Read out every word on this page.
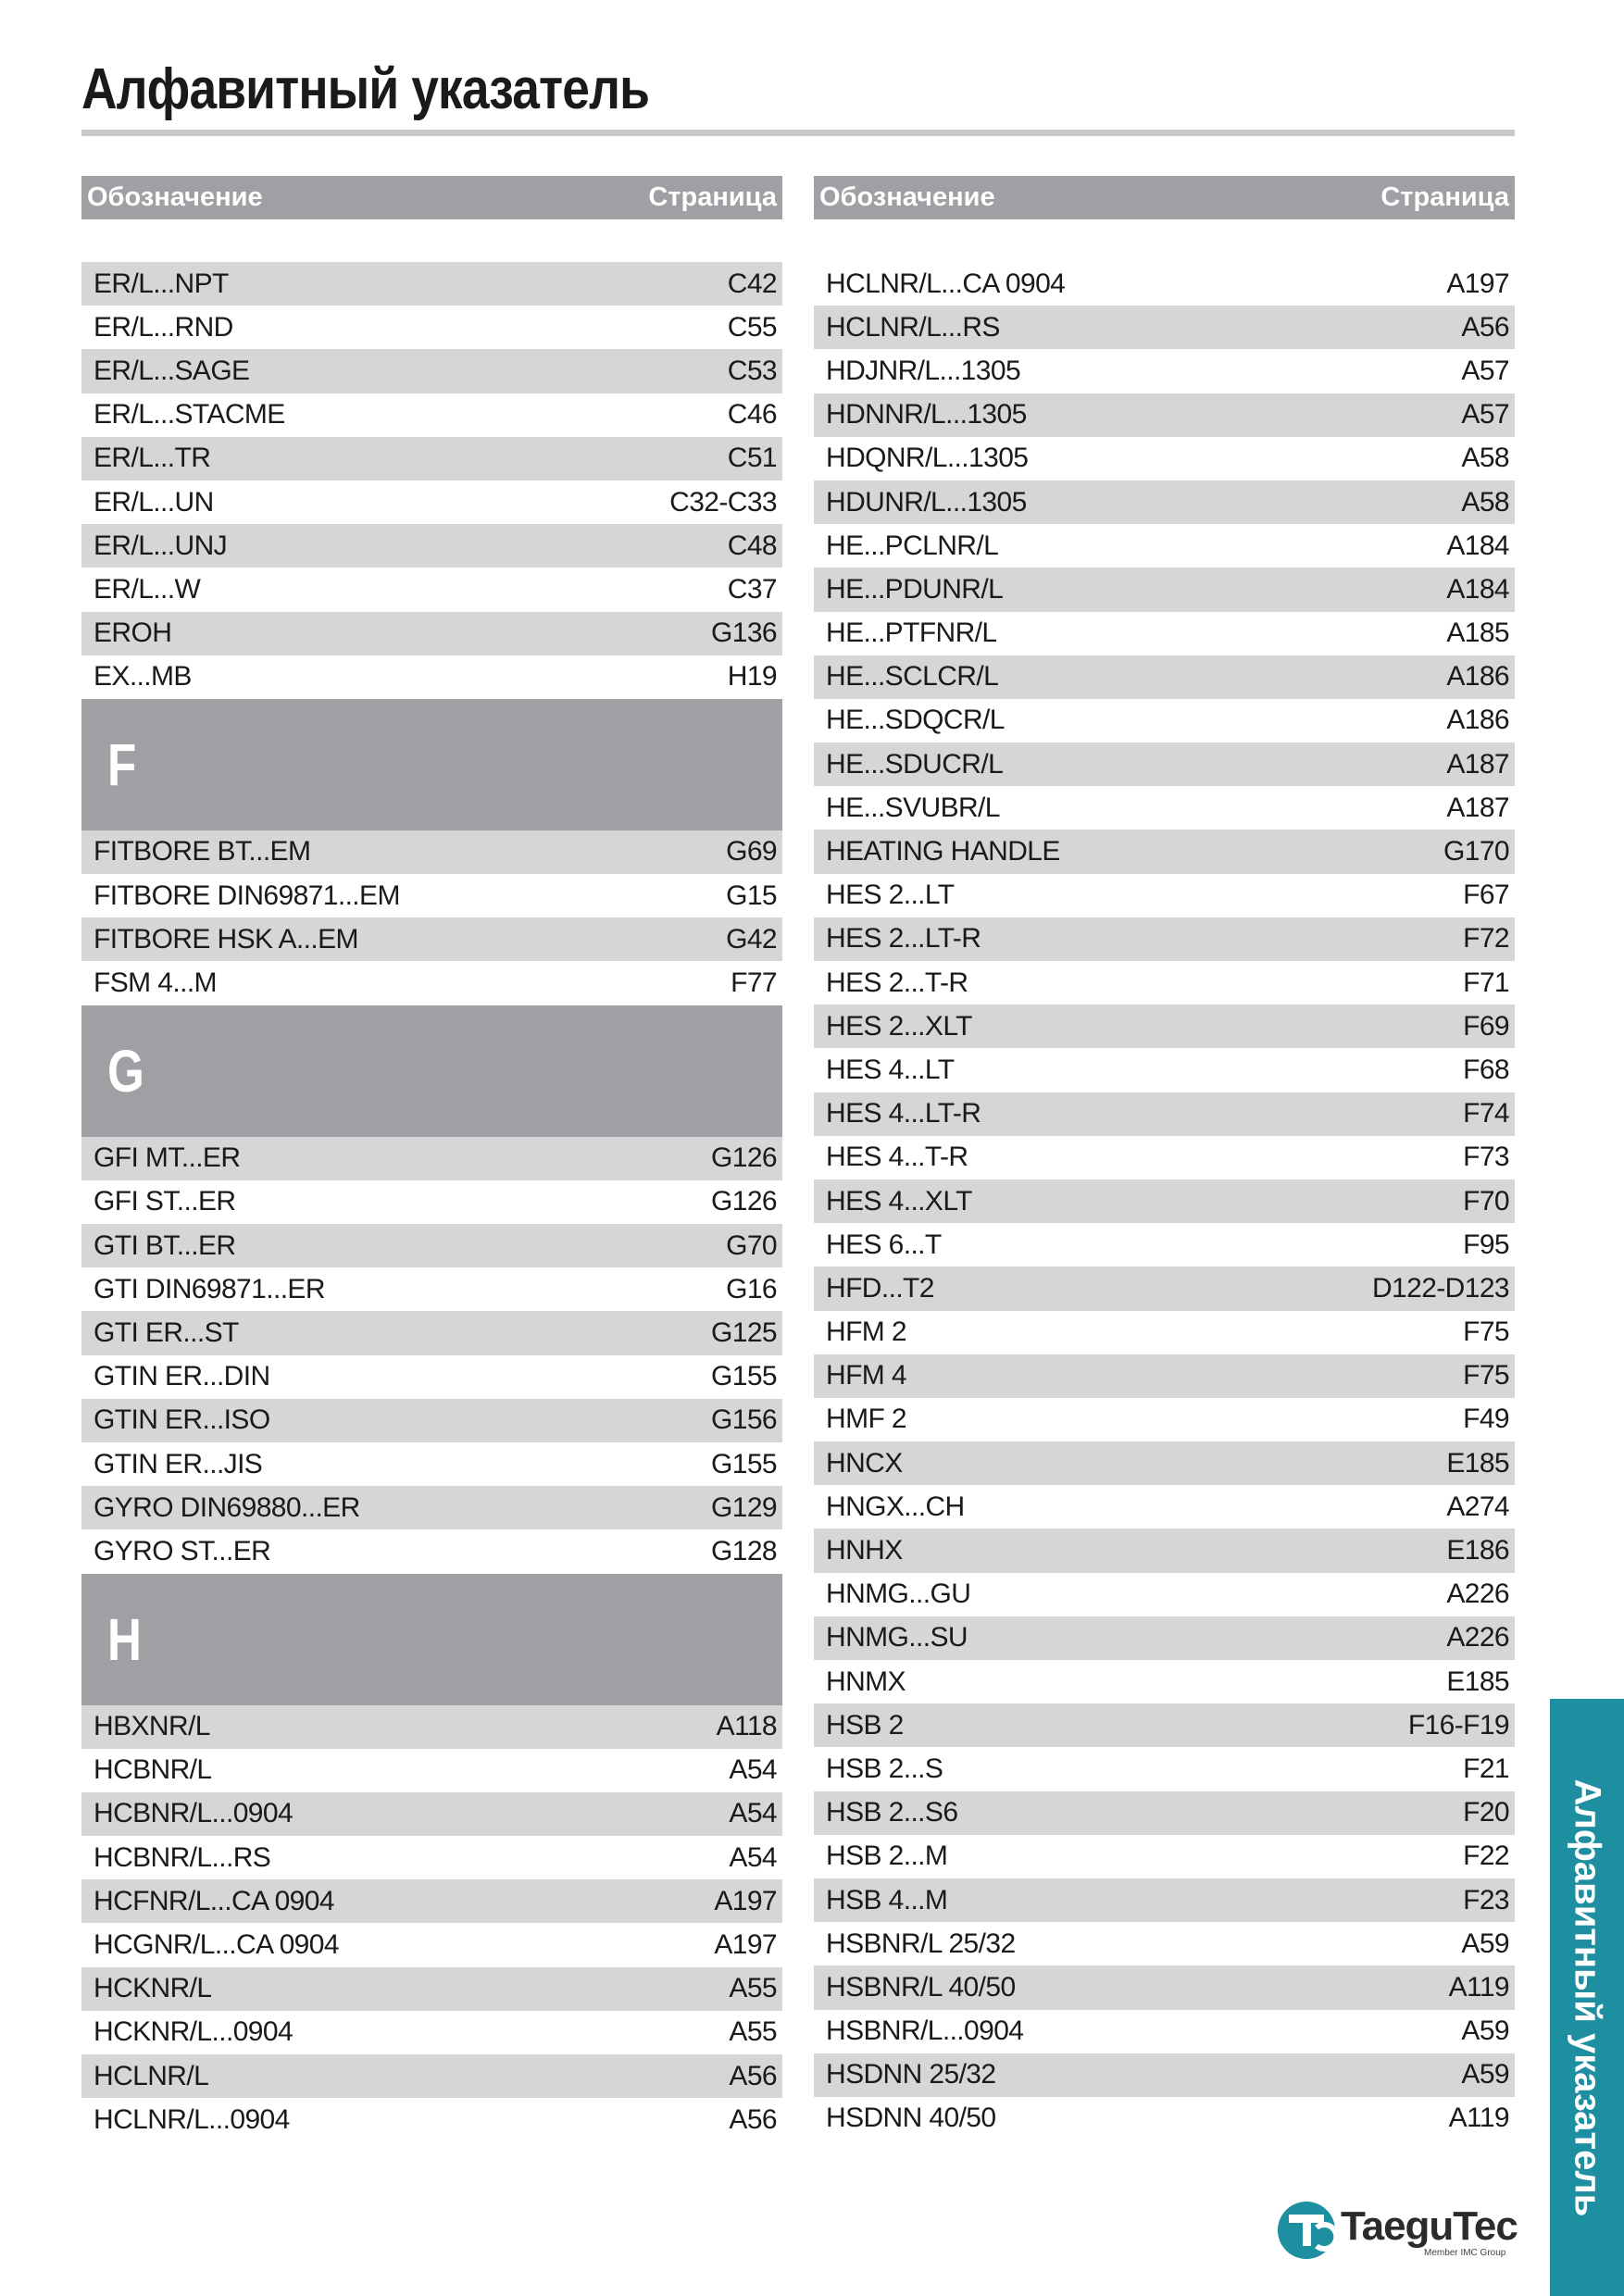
Алфавитный указатель
Обозначение	Страница
ER/L...NPT	C42
ER/L...RND	C55
ER/L...SAGE	C53
ER/L...STACME	C46
ER/L...TR	C51
ER/L...UN	C32-C33
ER/L...UNJ	C48
ER/L...W	C37
EROH	G136
EX...MB	H19
F
FITBORE BT...EM	G69
FITBORE DIN69871...EM	G15
FITBORE HSK A...EM	G42
FSM 4...M	F77
G
GFI MT...ER	G126
GFI ST...ER	G126
GTI BT...ER	G70
GTI DIN69871...ER	G16
GTI ER...ST	G125
GTIN ER...DIN	G155
GTIN ER...ISO	G156
GTIN ER...JIS	G155
GYRO DIN69880...ER	G129
GYRO ST...ER	G128
H
HBXNR/L	A118
HCBNR/L	A54
HCBNR/L...0904	A54
HCBNR/L...RS	A54
HCFNR/L...CA 0904	A197
HCGNR/L...CA 0904	A197
HCKNR/L	A55
HCKNR/L...0904	A55
HCLNR/L	A56
HCLNR/L...0904	A56
Обозначение	Страница
HCLNR/L...CA 0904	A197
HCLNR/L...RS	A56
HDJNR/L...1305	A57
HDNNR/L...1305	A57
HDQNR/L...1305	A58
HDUNR/L...1305	A58
HE...PCLNR/L	A184
HE...PDUNR/L	A184
HE...PTFNR/L	A185
HE...SCLCR/L	A186
HE...SDQCR/L	A186
HE...SDUCR/L	A187
HE...SVUBR/L	A187
HEATING HANDLE	G170
HES 2...LT	F67
HES 2...LT-R	F72
HES 2...T-R	F71
HES 2...XLT	F69
HES 4...LT	F68
HES 4...LT-R	F74
HES 4...T-R	F73
HES 4...XLT	F70
HES 6...T	F95
HFD...T2	D122-D123
HFM 2	F75
HFM 4	F75
HMF 2	F49
HNCX	E185
HNGX...CH	A274
HNHX	E186
HNMG...GU	A226
HNMG...SU	A226
HNMX	E185
HSB 2	F16-F19
HSB 2...S	F21
HSB 2...S6	F20
HSB 2...M	F22
HSB 4...M	F23
HSBNR/L 25/32	A59
HSBNR/L 40/50	A119
HSBNR/L...0904	A59
HSDNN 25/32	A59
HSDNN 40/50	A119 Алфавитный указатель
TaeguTec
Member IMC Group
